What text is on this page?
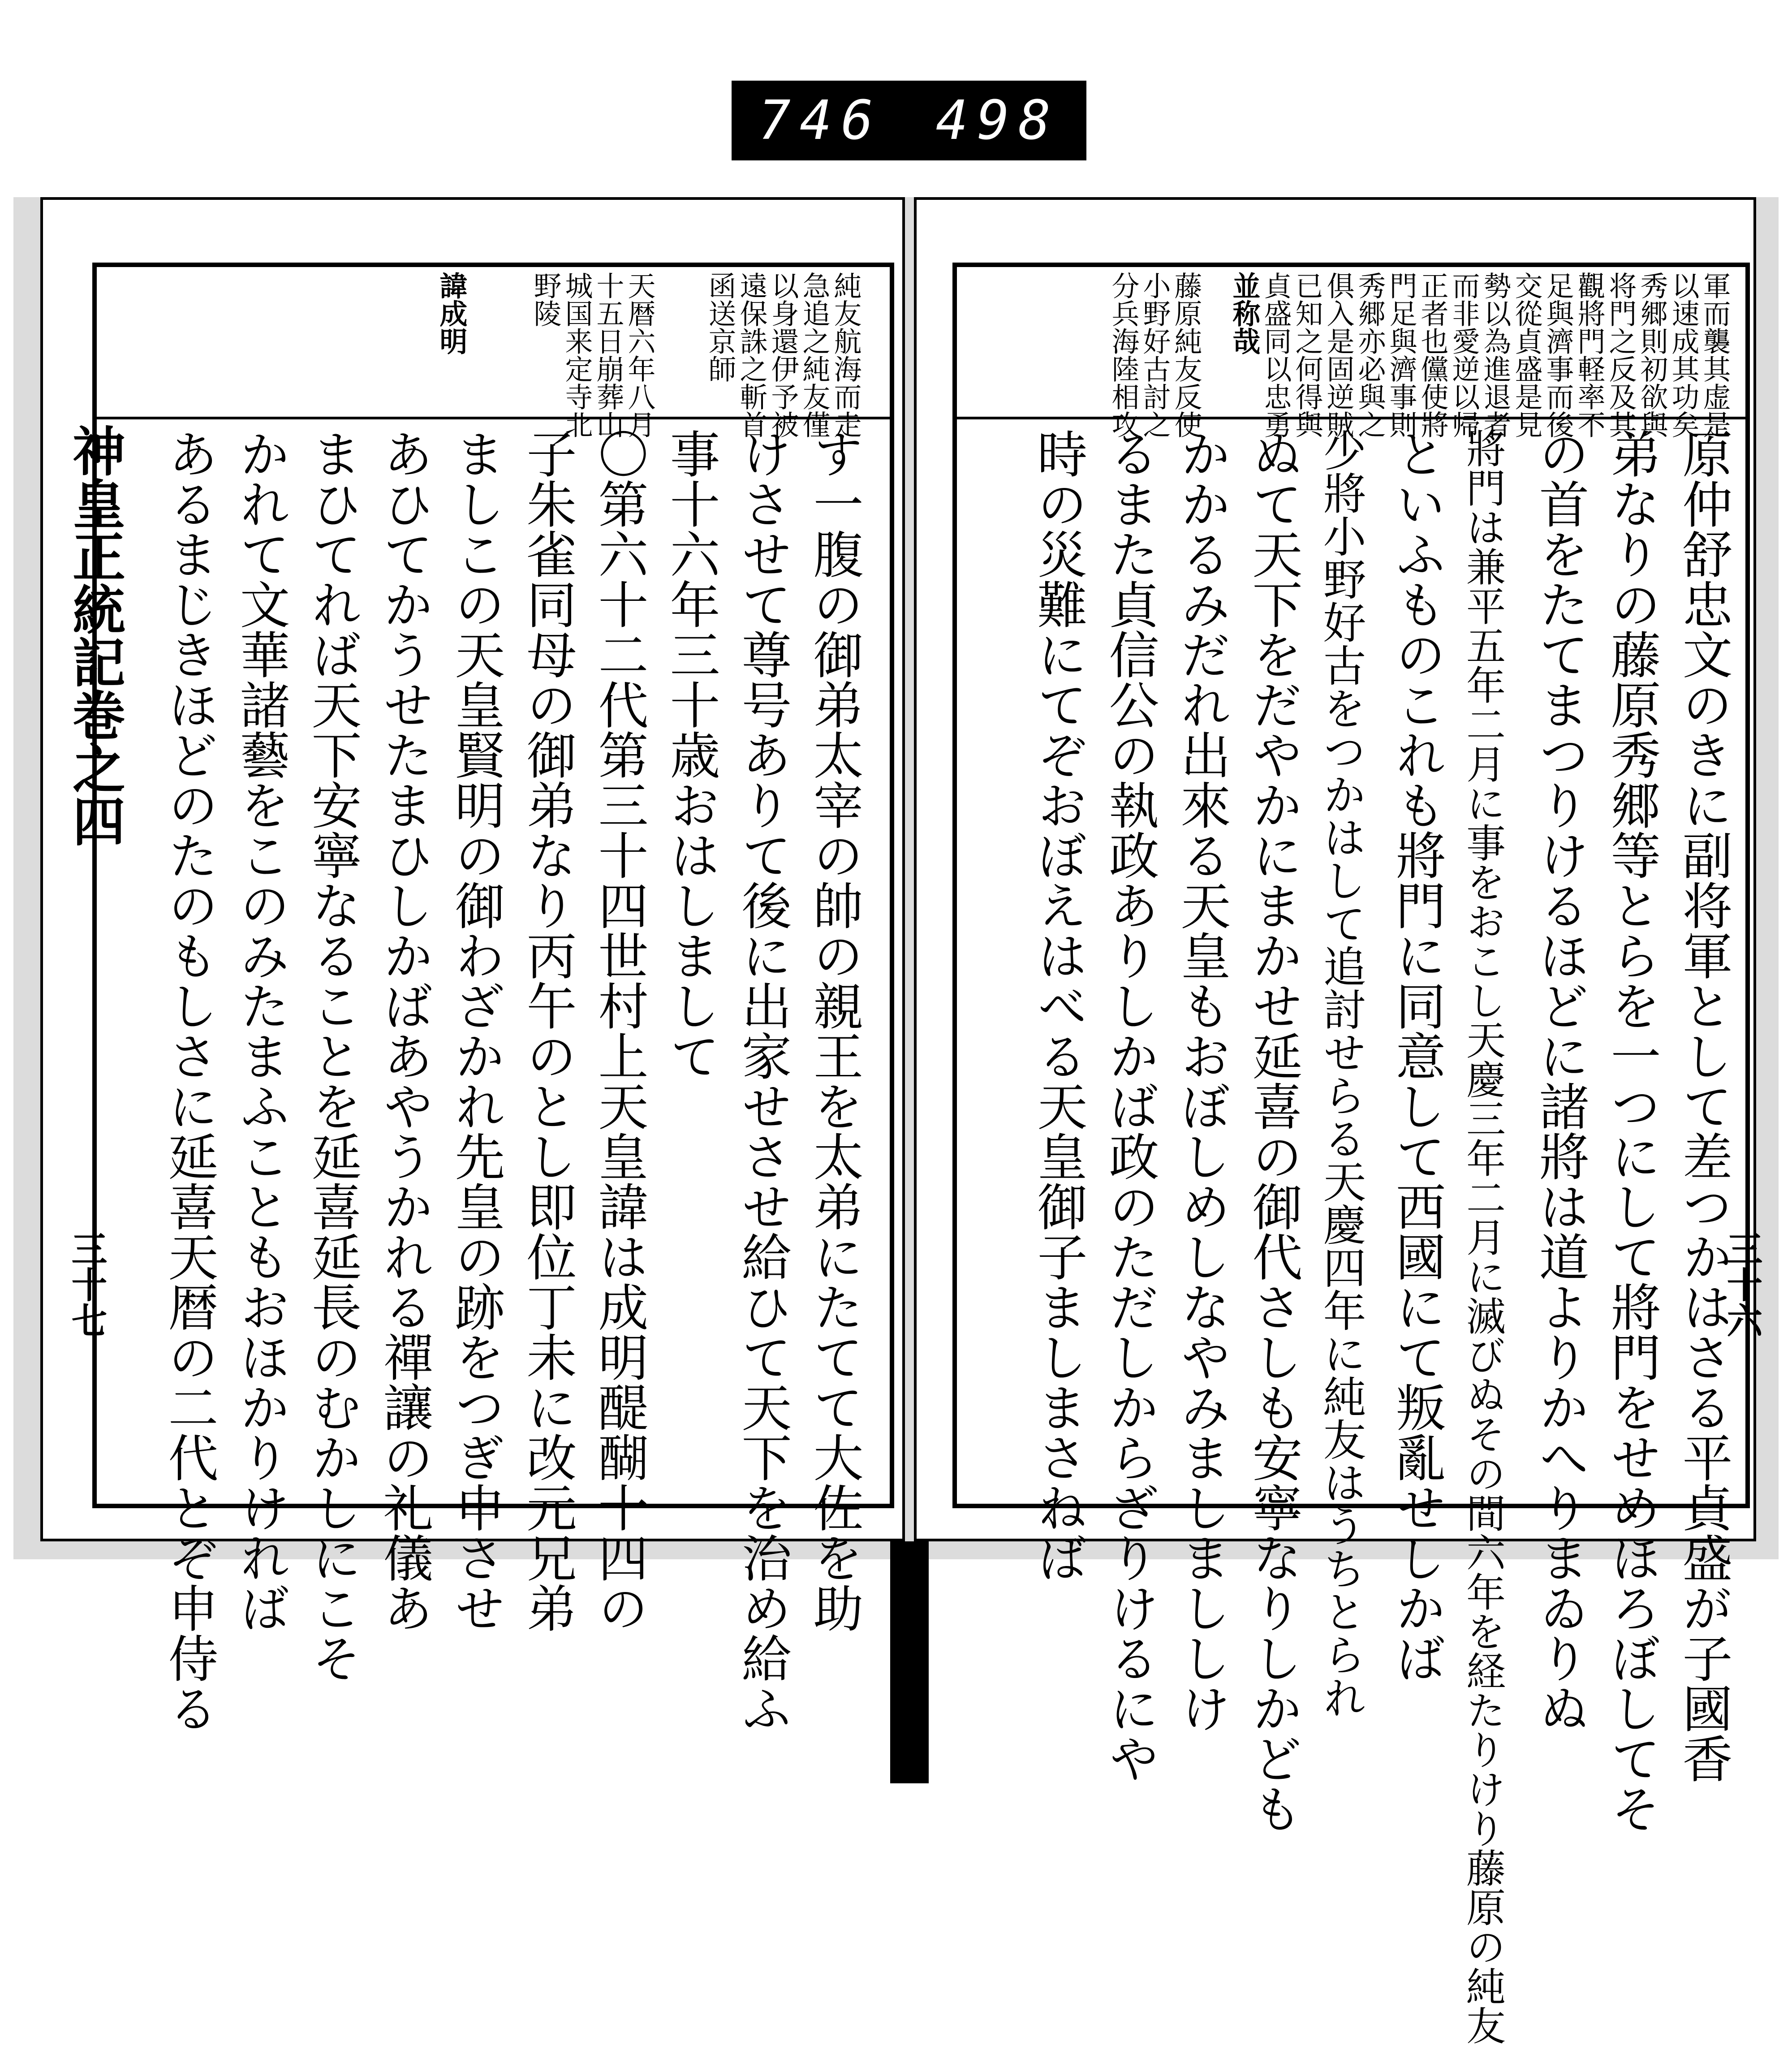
746 498
神皇正統記巻之四
三十七
純友航海而走
急追之純友僅
以身還伊予被
遠保誅之斬首
函送京師
諱成明	天暦六年八月
十五日崩葬山
城国来定寺北
野陵
す一腹の御弟太宰の帥の親王を太弟にたてて大佐を助
けさせて尊号ありて後に出家せさせ給ひて天下を治め給ふ
事十六年三十歳おはしまして
〇第六十二代第三十四世村上天皇諱は成明醍醐十四の
子朱雀同母の御弟なり丙午のとし即位丁未に改元兄弟
ましこの天皇賢明の御わざかれ先皇の跡をつぎ申させ
あひてかうせたまひしかばあやうかれる禪讓の礼儀あ
まひてれば天下安寧なることを延喜延長のむかしにこそ
かれて文華諸藝をこのみたまふこともおほかりければ
あるまじきほどのたのもしさに延喜天暦の二代とぞ申侍る	三十六
軍而襲其虚是
以速成其功矣
秀郷則初欲與
将門之反及其
觀將門軽率不
足與濟事而後
交從貞盛是見
勢以為進退者
而非愛逆以帰
正者也儻使將
門足與濟事則
秀郷亦必與之
俱入是固逆賊
已知之何得與
貞盛同以忠勇
並称哉
藤原純友反使
小野好古討之
分兵海陸相攻
原仲舒忠文のきに副将軍として差つかはさる平貞盛が子國香
弟なりの藤原秀郷等とらを一つにして將門をせめほろぼしてそ
の首をたてまつりけるほどに諸將は道よりかへりまゐりぬ
將門は兼平五年二月に事をおこし天慶三年二月に滅びぬその間六年を経たりけり藤原の純友
といふものこれも將門に同意して西國にて叛亂せしかば
少將小野好古をつかはして追討せらる天慶四年に純友はうちとられ
ぬて天下をだやかにまかせ延喜の御代さしも安寧なりしかども
かかるみだれ出來る天皇もおぼしめしなやみましまししけ
るまた貞信公の執政ありしかば政のただしからざりけるにや
時の災難にてぞおぼえはべる天皇御子ましまさねば
